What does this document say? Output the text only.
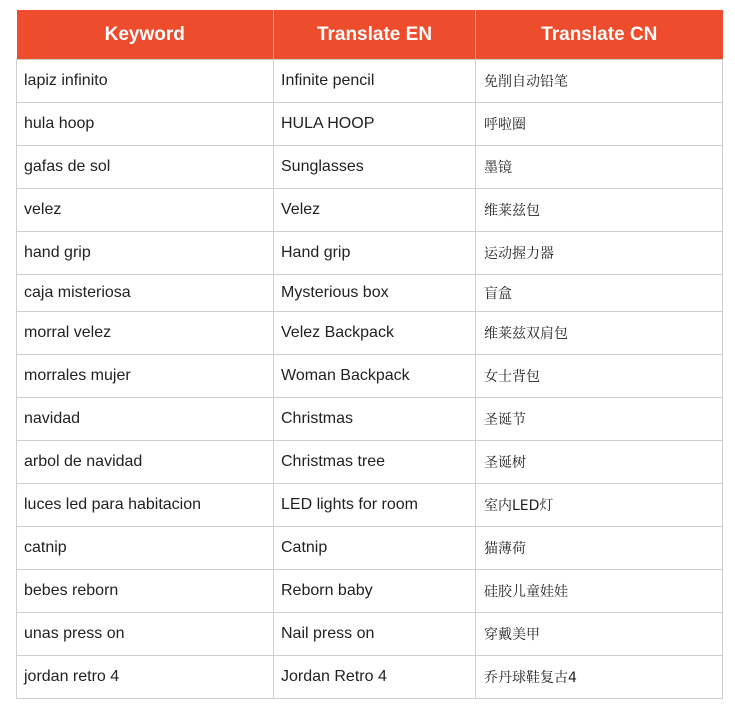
Keyword	Translate EN	Translate CN
lapiz infinito	Infinite pencil	免削自动铅笔
hula hoop	HULA HOOP	呼啦圈
gafas de sol	Sunglasses	墨镜
velez	Velez	维莱兹包
hand grip	Hand grip	运动握力器
caja misteriosa	Mysterious box	盲盒
morral velez	Velez Backpack	维莱兹双肩包
morrales mujer	Woman Backpack	女士背包
navidad	Christmas	圣诞节
arbol de navidad	Christmas tree	圣诞树
luces led para habitacion	LED lights for room	室内LED灯
catnip	Catnip	猫薄荷
bebes reborn	Reborn baby	硅胶儿童娃娃
unas press on	Nail press on	穿戴美甲
jordan retro 4	Jordan Retro 4	乔丹球鞋复古4
